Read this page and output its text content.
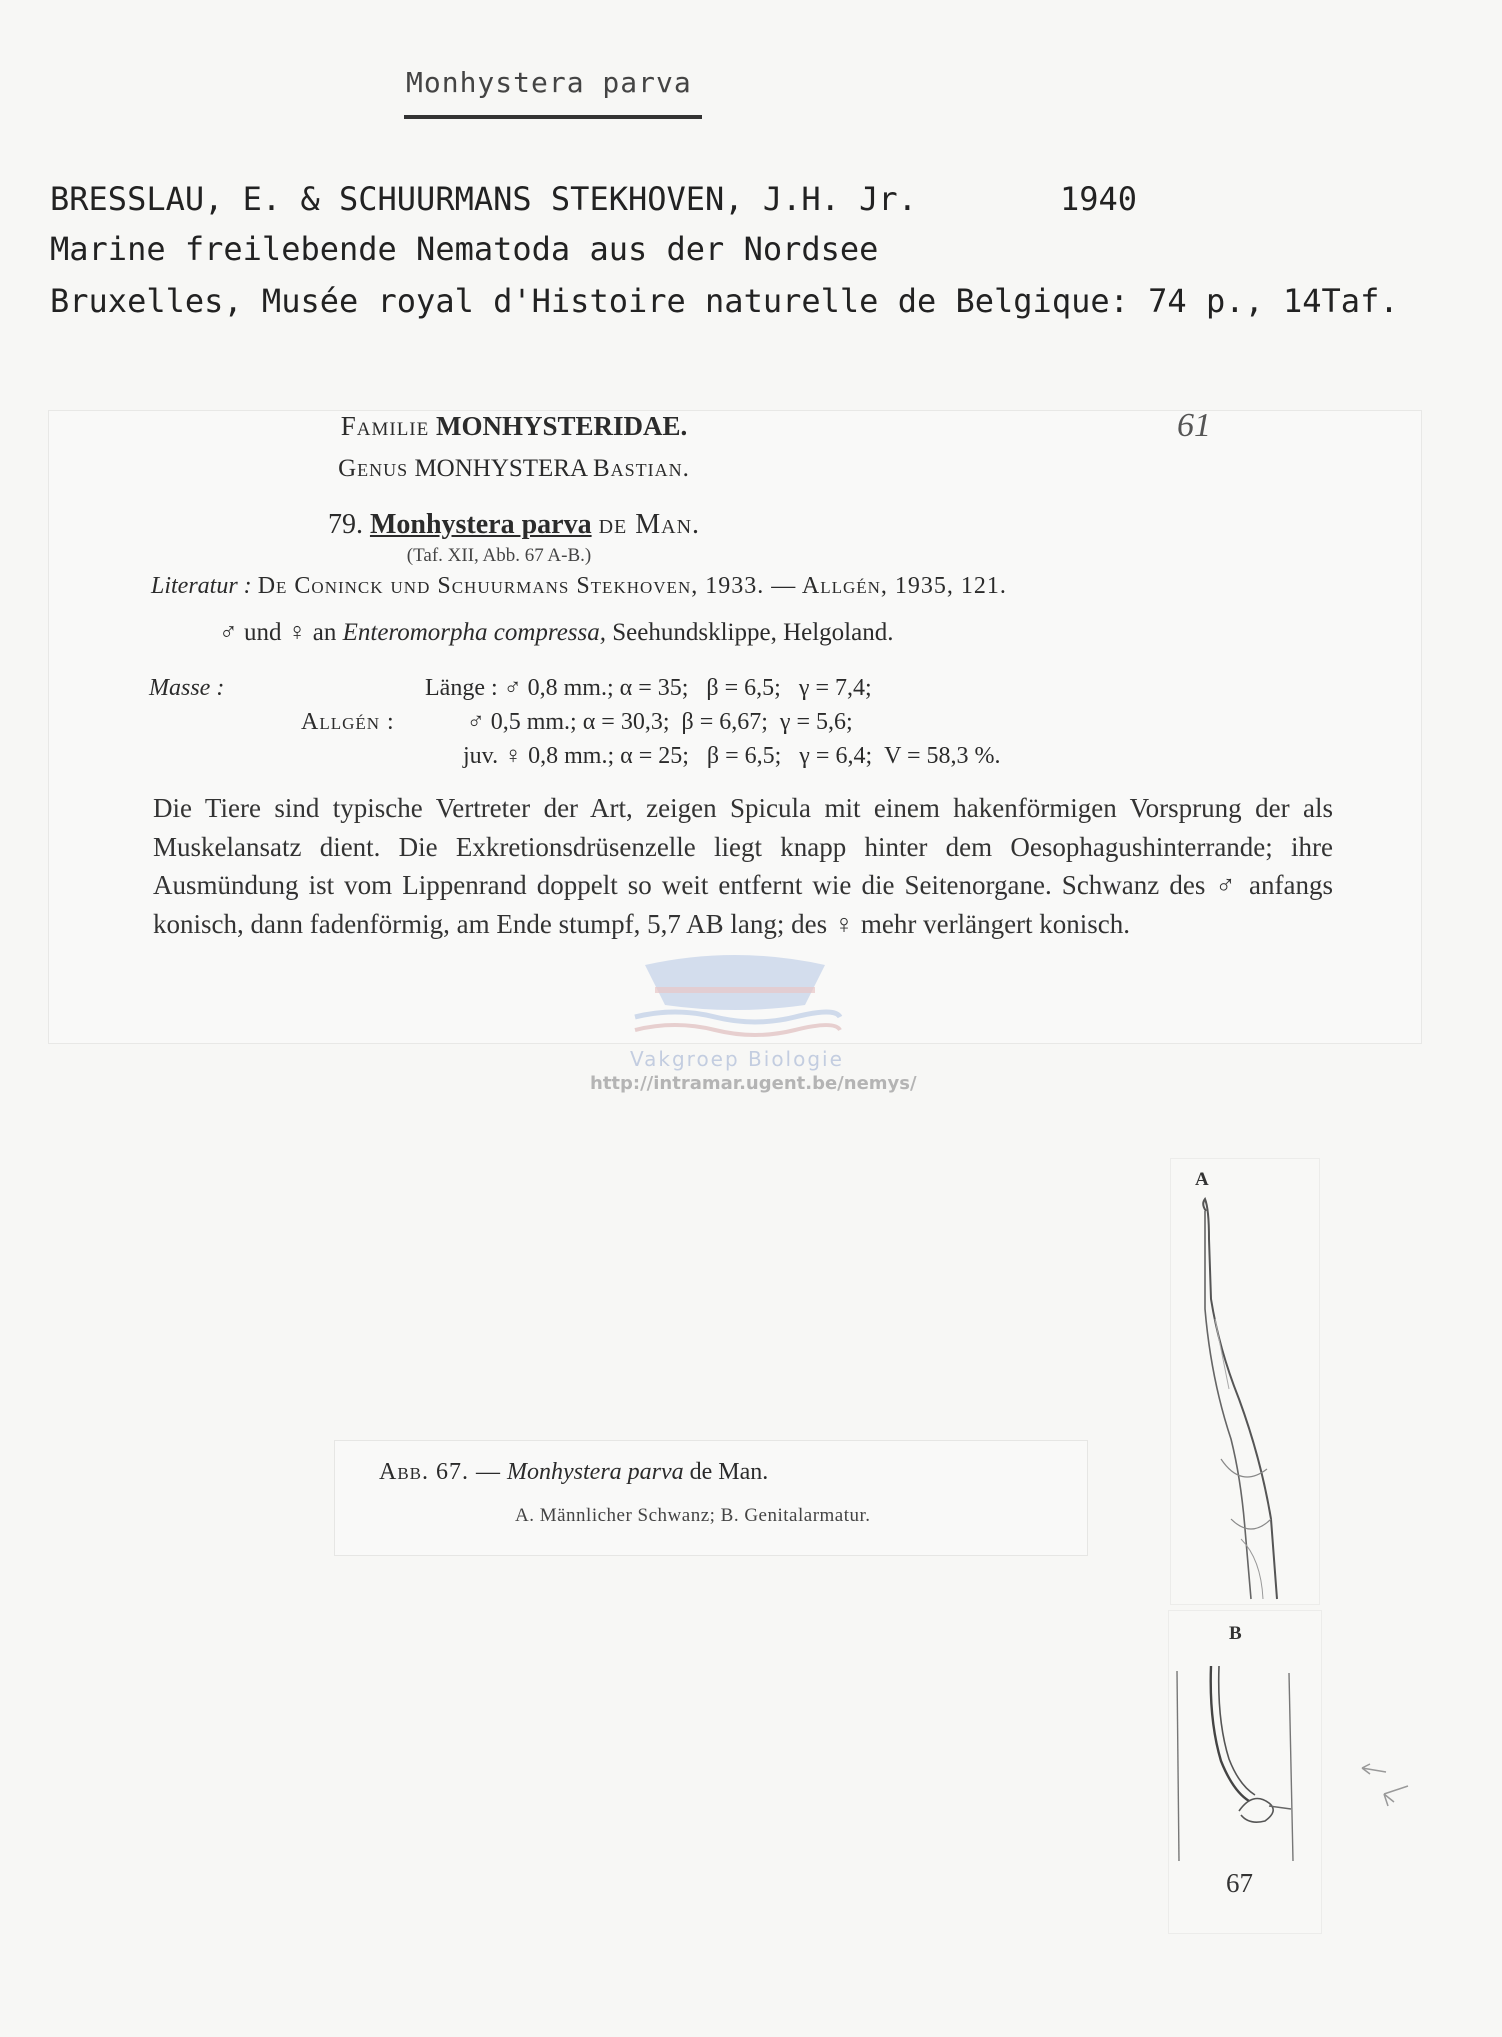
Monhystera parva
BRESSLAU, E. & SCHUURMANS STEKHOVEN, J.H. Jr.	1940
Marine freilebende Nematoda aus der Nordsee
Bruxelles, Musée royal d'Histoire naturelle de Belgique: 74 p., 14Taf.
Familie MONHYSTERIDAE.	61
Genus MONHYSTERA Bastian.
79. Monhystera parva de Man.
(Taf. XII, Abb. 67 A-B.)
Literatur : De Coninck und Schuurmans Stekhoven, 1933. — Allgén, 1935, 121.
♂ und ♀ an Enteromorpha compressa, Seehundsklippe, Helgoland.
Masse :	Länge : ♂ 0,8 mm.; α = 35;   β = 6,5;   γ = 7,4;
Allgén :	♂ 0,5 mm.; α = 30,3;  β = 6,67;  γ = 5,6;
juv. ♀ 0,8 mm.; α = 25;   β = 6,5;   γ = 6,4;  V = 58,3 %.
Die Tiere sind typische Vertreter der Art, zeigen Spicula mit einem hakenförmigen Vorsprung der als Muskelansatz dient. Die Exkretionsdrüsenzelle liegt knapp hinter dem Oesophagushinterrande; ihre Ausmündung ist vom Lippenrand doppelt so weit entfernt wie die Seitenorgane. Schwanz des ♂ anfangs konisch, dann fadenförmig, am Ende stumpf, 5,7 AB lang; des ♀ mehr verlängert konisch.
Vakgroep Biologie
http://intramar.ugent.be/nemys/
Abb. 67. — Monhystera parva de Man.
A. Männlicher Schwanz; B. Genitalarmatur.
A
B
67
